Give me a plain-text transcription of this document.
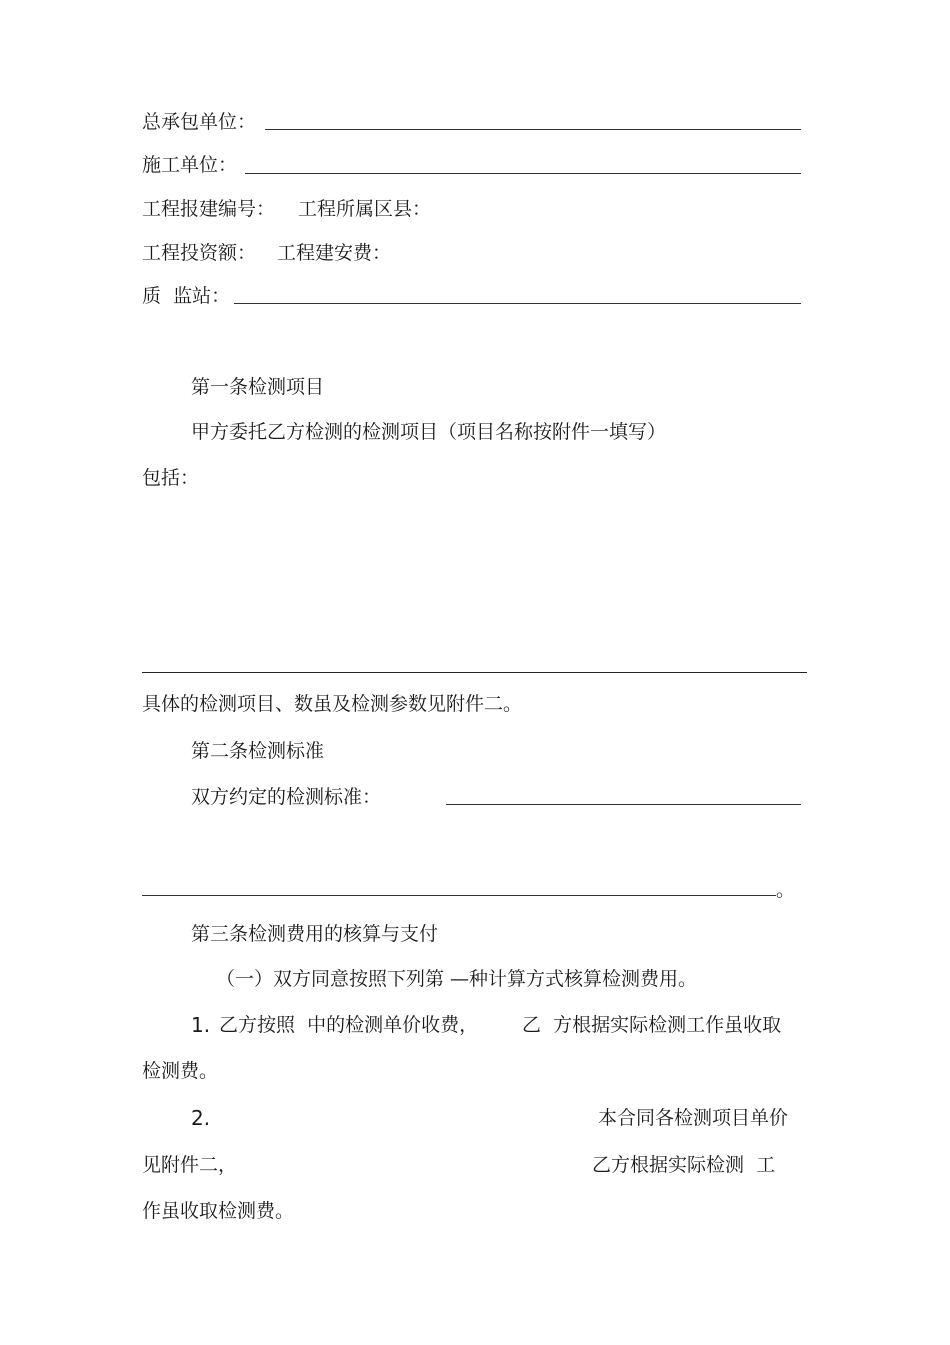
总承包单位：
施工单位：
工程报建编号： 工程所属区县：
工程投资额： 工程建安费：
质  监站：
第一条检测项目
甲方委托乙方检测的检测项目（项目名称按附件一填写）
包括：
具体的检测项目、数虽及检测参数见附件二。
第二条检测标准
双方约定的检测标准：
。
第三条检测费用的核算与支付
（一）双方同意按照下列第 —种计算方式核算检测费用。
1. 乙方按照  中的检测单价收费， 乙  方根据实际检测工作虽收取
检测费。
2.	本合同各检测项目单价
见附件二，	乙方根据实际检测  工
作虽收取检测费。
